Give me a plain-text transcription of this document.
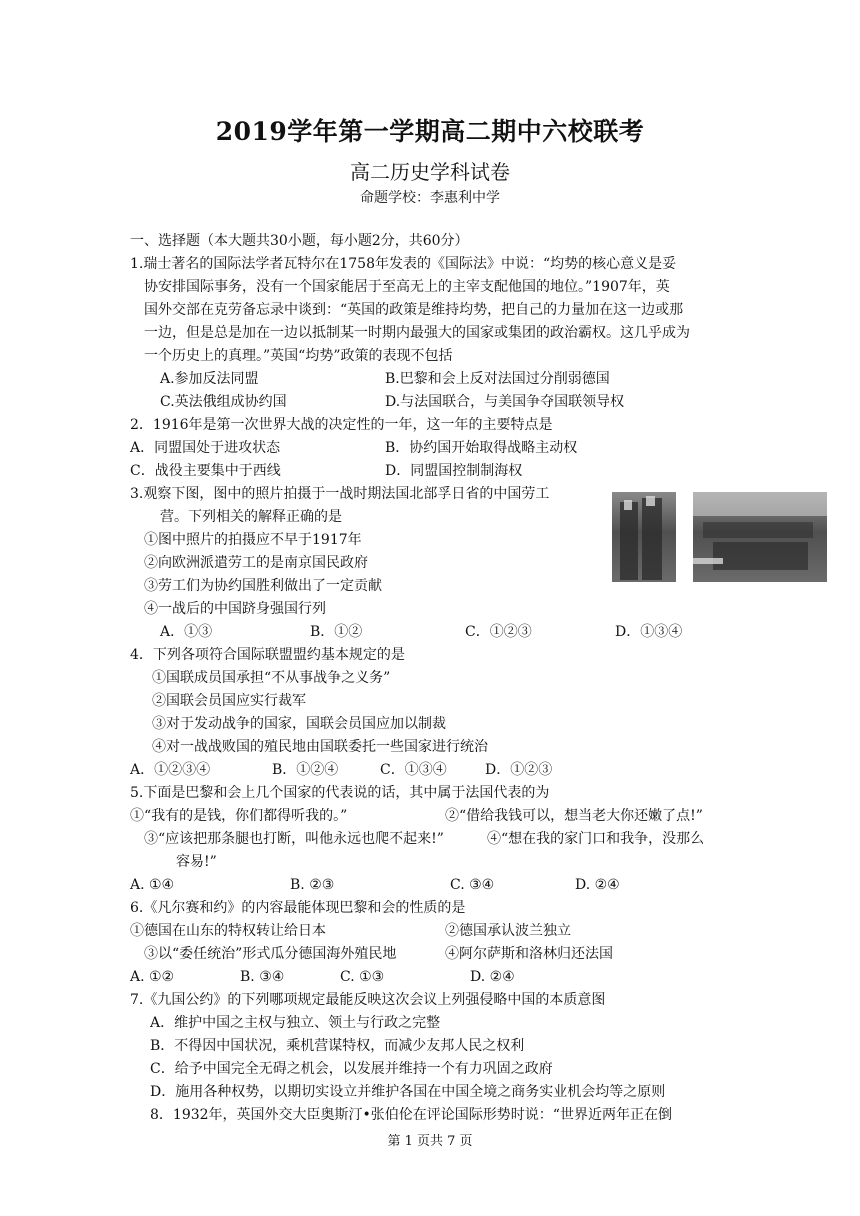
2019学年第一学期高二期中六校联考
高二历史学科试卷
命题学校：李惠利中学
一、选择题（本大题共30小题，每小题2分，共60分）
1.瑞士著名的国际法学者瓦特尔在1758年发表的《国际法》中说：“均势的核心意义是妥
协安排国际事务，没有一个国家能居于至高无上的主宰支配他国的地位。”1907年，英
国外交部在克劳备忘录中谈到：“英国的政策是维持均势，把自己的力量加在这一边或那
一边，但是总是加在一边以抵制某一时期内最强大的国家或集团的政治霸权。这几乎成为
一个历史上的真理。”英国“均势”政策的表现不包括
A.参加反法同盟	B.巴黎和会上反对法国过分削弱德国
C.英法俄组成协约国	D.与法国联合，与美国争夺国联领导权
2．1916年是第一次世界大战的决定性的一年，这一年的主要特点是
A．同盟国处于进攻状态	B．协约国开始取得战略主动权
C．战役主要集中于西线	D．同盟国控制制海权
3.观察下图，图中的照片拍摄于一战时期法国北部孚日省的中国劳工
营。下列相关的解释正确的是
①图中照片的拍摄应不早于1917年
②向欧洲派遣劳工的是南京国民政府
③劳工们为协约国胜利做出了一定贡献
④一战后的中国跻身强国行列
A．①③	B．①②	C．①②③	D．①③④
4．下列各项符合国际联盟盟约基本规定的是
①国联成员国承担“不从事战争之义务”
②国联会员国应实行裁军
③对于发动战争的国家，国联会员国应加以制裁
④对一战战败国的殖民地由国联委托一些国家进行统治
A．①②③④	B．①②④	C．①③④	D．①②③
5.下面是巴黎和会上几个国家的代表说的话，其中属于法国代表的为
①“我有的是钱，你们都得听我的。”	②“借给我钱可以，想当老大你还嫩了点!”
③“应该把那条腿也打断，叫他永远也爬不起来!”	④“想在我的家门口和我争，没那么
容易!”
A. ①④	B. ②③	C. ③④	D. ②④
6.《凡尔赛和约》的内容最能体现巴黎和会的性质的是
①德国在山东的特权转让给日本	②德国承认波兰独立
③以“委任统治”形式瓜分德国海外殖民地	④阿尔萨斯和洛林归还法国
A. ①②	B. ③④	C. ①③	D. ②④
7.《九国公约》的下列哪项规定最能反映这次会议上列强侵略中国的本质意图
A．维护中国之主权与独立、领土与行政之完整
B．不得因中国状况，乘机营谋特权，而减少友邦人民之权利
C．给予中国完全无碍之机会，以发展并维持一个有力巩固之政府
D．施用各种权势，以期切实设立并维护各国在中国全境之商务实业机会均等之原则
8．1932年，英国外交大臣奥斯汀•张伯伦在评论国际形势时说：“世界近两年正在倒
第 1 页共 7 页
